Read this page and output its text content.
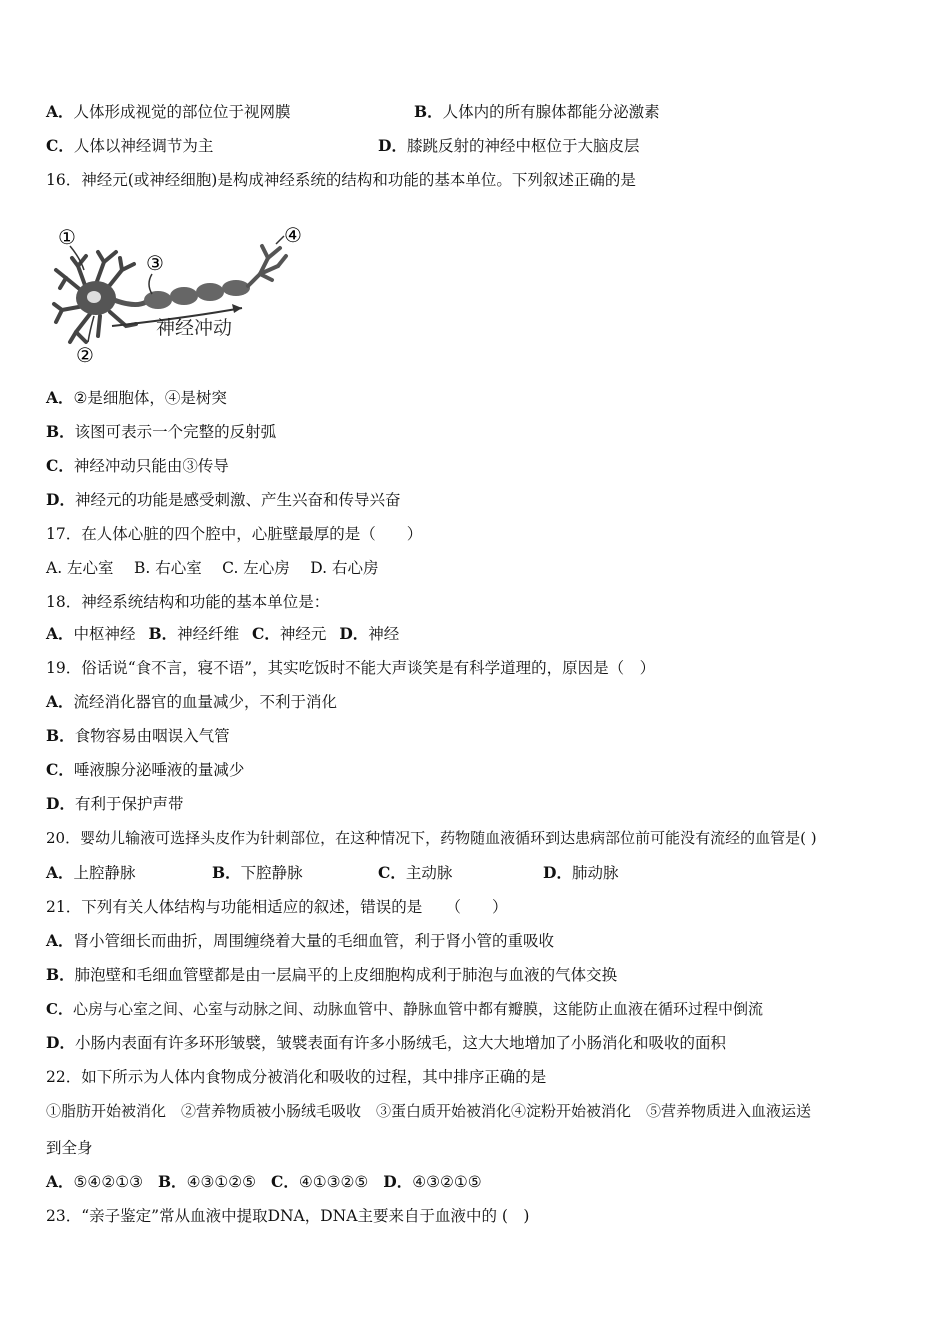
A．人体形成视觉的部位位于视网膜	B．人体内的所有腺体都能分泌激素
C．人体以神经调节为主	D．膝跳反射的神经中枢位于大脑皮层
16．神经元(或神经细胞)是构成神经系统的结构和功能的基本单位。下列叙述正确的是
①
③
④
②
神经冲动
A．②是细胞体，④是树突
B．该图可表示一个完整的反射弧
C．神经冲动只能由③传导
D．神经元的功能是感受刺激、产生兴奋和传导兴奋
17．在人体心脏的四个腔中，心脏壁最厚的是（　　）
A. 左心室　 B. 右心室　 C. 左心房　 D. 右心房
18．神经系统结构和功能的基本单位是：
A．中枢神经 B．神经纤维 C．神经元 D．神经
19．俗话说“食不言，寝不语”，其实吃饭时不能大声谈笑是有科学道理的，原因是（　）
A．流经消化器官的血量减少，不利于消化
B．食物容易由咽误入气管
C．唾液腺分泌唾液的量减少
D．有利于保护声带
20．婴幼儿输液可选择头皮作为针刺部位，在这种情况下，药物随血液循环到达患病部位前可能没有流经的血管是( )
A．上腔静脉	B．下腔静脉	C．主动脉	D．肺动脉
21．下列有关人体结构与功能相适应的叙述，错误的是　　（　　）
A．肾小管细长而曲折，周围缠绕着大量的毛细血管，利于肾小管的重吸收
B．肺泡壁和毛细血管壁都是由一层扁平的上皮细胞构成利于肺泡与血液的气体交换
C．心房与心室之间、心室与动脉之间、动脉血管中、静脉血管中都有瓣膜，这能防止血液在循环过程中倒流
D．小肠内表面有许多环形皱襞，皱襞表面有许多小肠绒毛，这大大地增加了小肠消化和吸收的面积
22．如下所示为人体内食物成分被消化和吸收的过程，其中排序正确的是
①脂肪开始被消化　②营养物质被小肠绒毛吸收　③蛋白质开始被消化④淀粉开始被消化　⑤营养物质进入血液运送
到全身
A．⑤④②①③ B．④③①②⑤ C．④①③②⑤ D．④③②①⑤
23．“亲子鉴定”常从血液中提取DNA，DNA主要来自于血液中的 (　)
